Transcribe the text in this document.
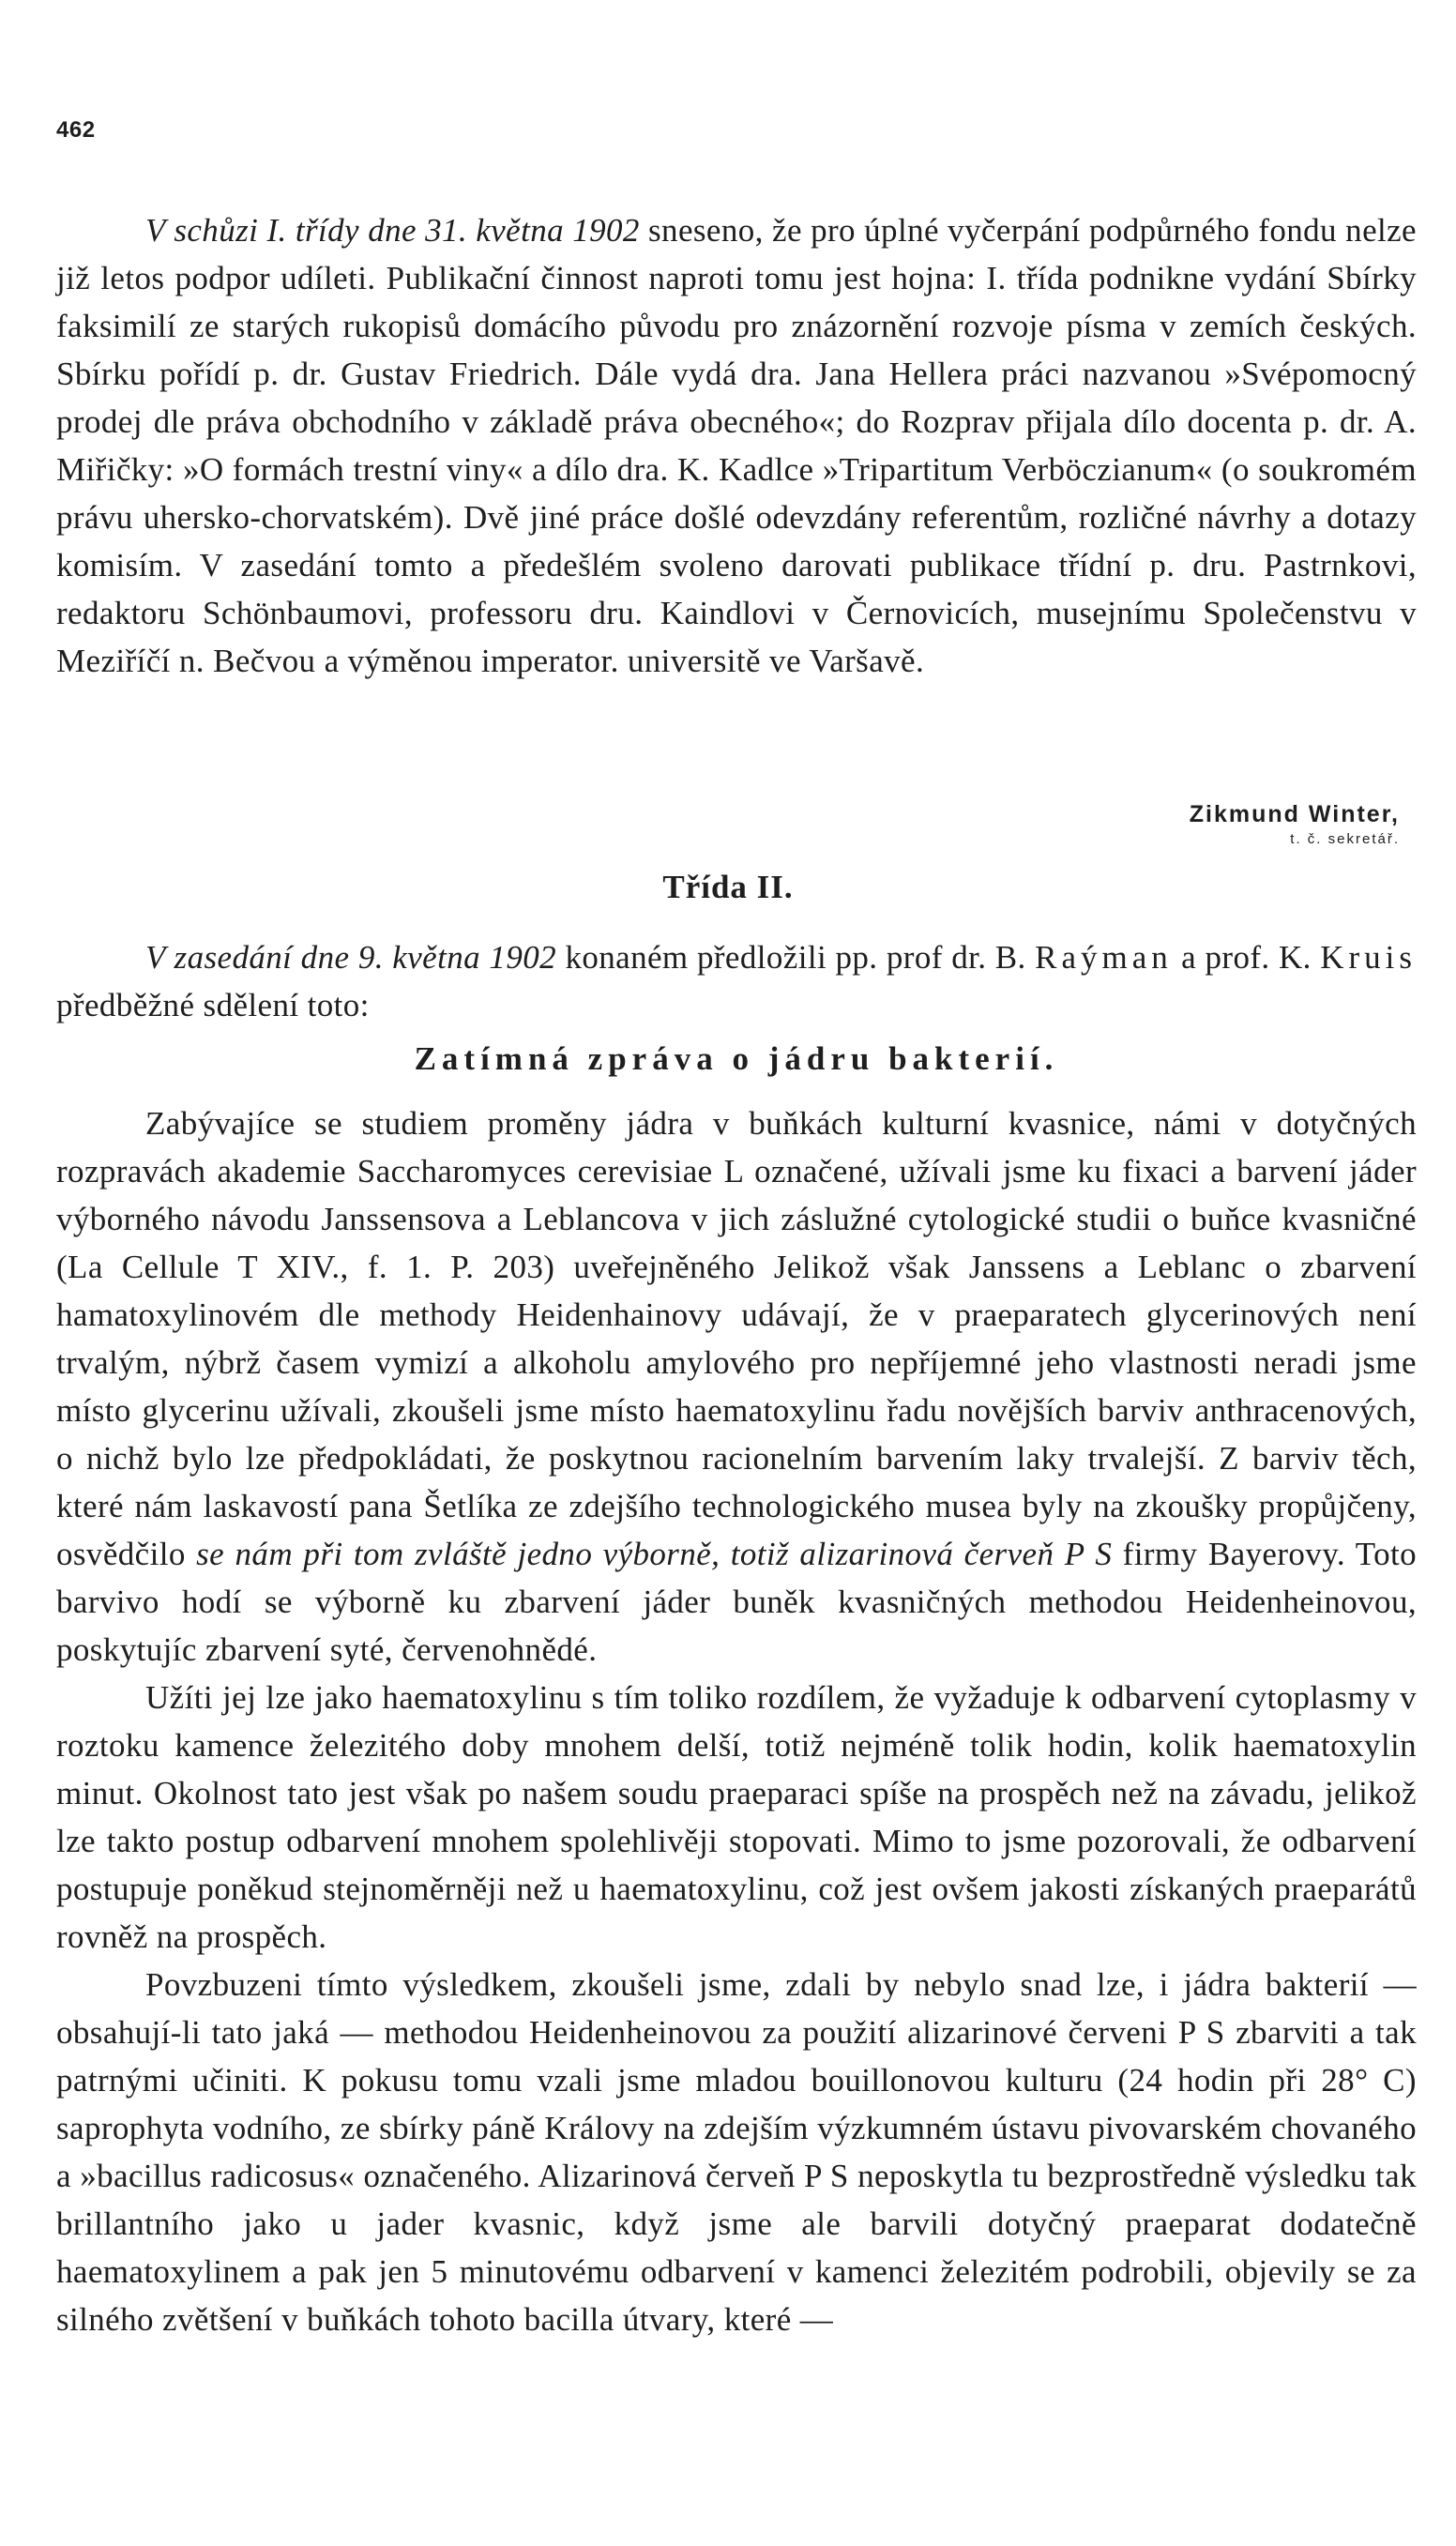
462

V schůzi I. třídy dne 31. května 1902 sneseno, že pro úplné vyčerpání podpůrného fondu nelze již letos podpor udíleti. Publikační činnost naproti tomu jest hojna: I. třída podnikne vydání Sbírky faksimilí ze starých rukopisů domácího původu pro znázornění rozvoje písma v zemích českých. Sbírku pořídí p. dr. Gustav Friedrich. Dále vydá dra. Jana Hellera práci nazvanou »Svépomocný prodej dle práva obchodního v základě práva obecného«; do Rozprav přijala dílo docenta p. dr. A. Miřičky: »O formách trestní viny« a dílo dra. K. Kadlce »Tripartitum Verböczianum« (o soukromém právu uhersko-chorvatském). Dvě jiné práce došlé odevzdány referentům, rozličné návrhy a dotazy komisím. V zasedání tomto a předešlém svoleno darovati publikace třídní p. dru. Pastrnkovi, redaktoru Schönbaumovi, professoru dru. Kaindlovi v Černovicích, musejnímu Společenstvu v Meziříčí n. Bečvou a výměnou imperator. universitě ve Varšavě.

Zikmund Winter,
t. č. sekretář.
Třída II.

V zasedání dne 9. května 1902 konaném předložili pp. prof dr. B. Raýman a prof. K. Kruis předběžné sdělení toto:

Zatímná zpráva o jádru bakterií.

Zabývajíce se studiem proměny jádra v buňkách kulturní kvasnice, námi v dotyčných rozpravách akademie Saccharomyces cerevisiae L označené, užívali jsme ku fixaci a barvení jáder výborného návodu Janssensova a Leblancova v jich záslužné cytologické studii o buňce kvasničné (La Cellule T XIV., f. 1. P. 203) uveřejněného Jelikož však Janssens a Leblanc o zbarvení hamatoxylinovém dle methody Heidenhainovy udávají, že v praeparatech glycerinových není trvalým, nýbrž časem vymizí a alkoholu amylového pro nepříjemné jeho vlastnosti neradi jsme místo glycerinu užívali, zkoušeli jsme místo haematoxylinu řadu novějších barviv anthracenových, o nichž bylo lze předpokládati, že poskytnou racionelním barvením laky trvalejší. Z barviv těch, které nám laskavostí pana Šetlíka ze zdejšího technologického musea byly na zkoušky propůjčeny, osvědčilo se nám při tom zvláště jedno výborně, totiž alizarinová červeň P S firmy Bayerovy. Toto barvivo hodí se výborně ku zbarvení jáder buněk kvasničných methodou Heidenheinovou, poskytujíc zbarvení syté, červenohnědé.

Užíti jej lze jako haematoxylinu s tím toliko rozdílem, že vyžaduje k odbarvení cytoplasmy v roztoku kamence železitého doby mnohem delší, totiž nejméně tolik hodin, kolik haematoxylin minut. Okolnost tato jest však po našem soudu praeparaci spíše na prospěch než na závadu, jelikož lze takto postup odbarvení mnohem spolehlivěji stopovati. Mimo to jsme pozorovali, že odbarvení postupuje poněkud stejnoměrněji než u haematoxylinu, což jest ovšem jakosti získaných praeparátů rovněž na prospěch.

Povzbuzeni tímto výsledkem, zkoušeli jsme, zdali by nebylo snad lze, i jádra bakterií — obsahují-li tato jaká — methodou Heidenheinovou za použití alizarinové červeni P S zbarviti a tak patrnými učiniti. K pokusu tomu vzali jsme mladou bouillonovou kulturu (24 hodin při 28° C) saprophyta vodního, ze sbírky páně Královy na zdejším výzkumném ústavu pivovarském chovaného a »bacillus radicosus« označeného. Alizarinová červeň P S neposkytla tu bezprostředně výsledku tak brillantního jako u jader kvasnic, když jsme ale barvili dotyčný praeparat dodatečně haematoxylinem a pak jen 5 minutovému odbarvení v kamenci železitém podrobili, objevily se za silného zvětšení v buňkách tohoto bacilla útvary, které —
